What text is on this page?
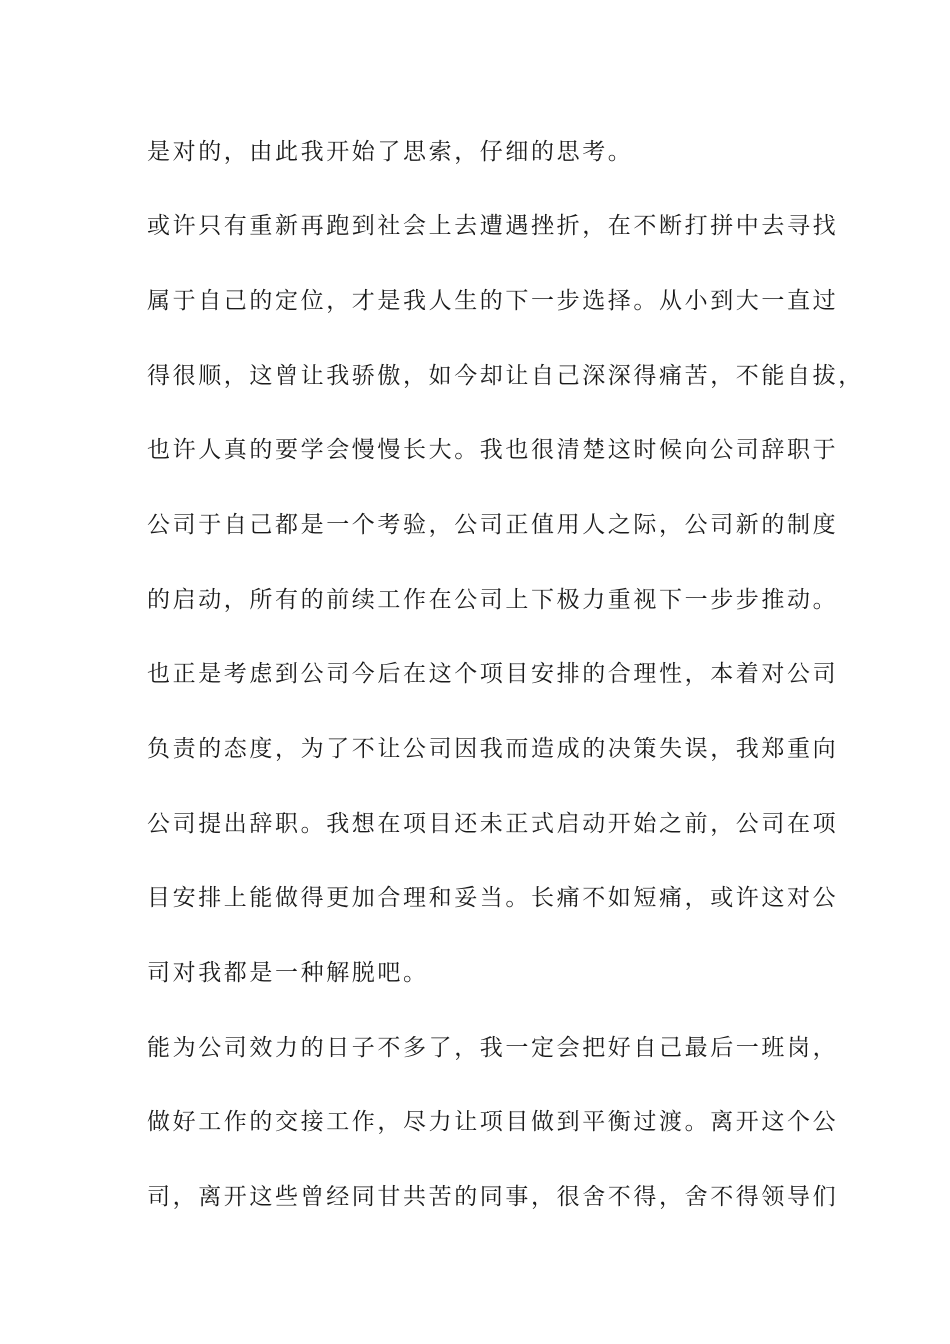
是对的，由此我开始了思索，仔细的思考。
或许只有重新再跑到社会上去遭遇挫折，在不断打拼中去寻找
属于自己的定位，才是我人生的下一步选择。从小到大一直过
得很顺，这曾让我骄傲，如今却让自己深深得痛苦，不能自拔，
也许人真的要学会慢慢长大。我也很清楚这时候向公司辞职于
公司于自己都是一个考验，公司正值用人之际，公司新的制度
的启动，所有的前续工作在公司上下极力重视下一步步推动。
也正是考虑到公司今后在这个项目安排的合理性，本着对公司
负责的态度，为了不让公司因我而造成的决策失误，我郑重向
公司提出辞职。我想在项目还未正式启动开始之前，公司在项
目安排上能做得更加合理和妥当。长痛不如短痛，或许这对公
司对我都是一种解脱吧。
能为公司效力的日子不多了，我一定会把好自己最后一班岗，
做好工作的交接工作，尽力让项目做到平衡过渡。离开这个公
司，离开这些曾经同甘共苦的同事，很舍不得，舍不得领导们
